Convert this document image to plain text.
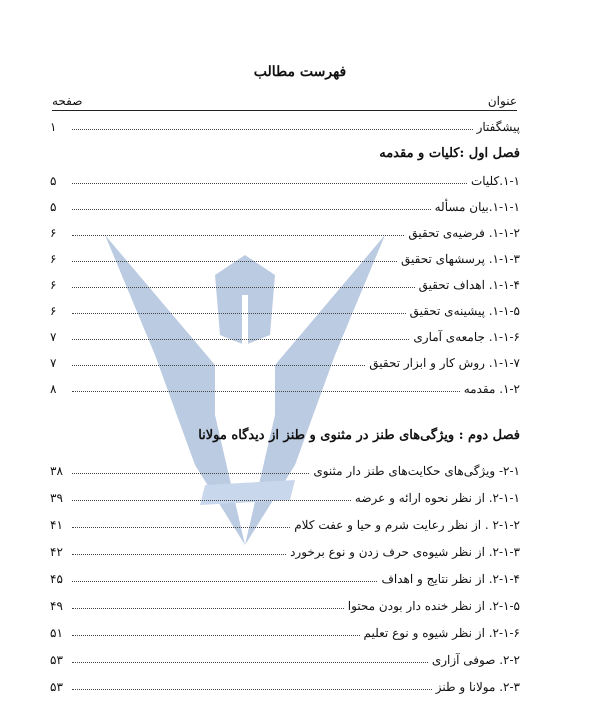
فهرست مطالب
عنوان
صفحه
پیشگفتار
۱
فصل اول :کلیات و مقدمه
۱-۱.کلیات
۵
۱-۱-۱.بیان مسأله
۵
۱-۱-۲. فرضیه‌ی تحقیق
۶
۱-۱-۳. پرسشهای تحقیق
۶
۱-۱-۴. اهداف تحقیق
۶
۱-۱-۵. پیشینه‌ی تحقیق
۶
۱-۱-۶. جامعه‌ی آماری
۷
۱-۱-۷. روش کار و ابزار تحقیق
۷
۱-۲. مقدمه
۸
فصل دوم : ویژگی‌های طنز در مثنوی و طنز از دیدگاه مولانا
۲-۱- ویژگی‌های حکایت‌های طنز دار مثنوی
۳۸
۲-۱-۱. از نظر نحوه ارائه و عرضه
۳۹
۲-۱-۲ . از نظر رعایت شرم و حیا و عفت کلام
۴۱
۲-۱-۳. از نظر شیوه‌ی حرف زدن و نوع برخورد
۴۲
۲-۱-۴. از نظر نتایج و اهداف
۴۵
۲-۱-۵. از نظر خنده دار بودن محتوا
۴۹
۲-۱-۶. از نظر شیوه و نوع تعلیم
۵۱
۲-۲. صوفی آزاری
۵۳
۲-۳. مولانا و طنز
۵۳
